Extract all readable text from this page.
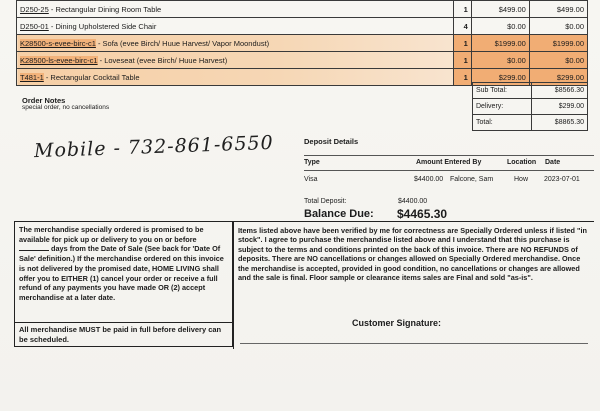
D250-25 - Rectangular Dining Room Table	1	$499.00	$499.00
D250-01 - Dining Upholstered Side Chair	4	$0.00	$0.00
K28500-s-evee-birc-c1 - Sofa (evee Birch/ Huue Harvest/ Vapor Moondust)	1	$1999.00	$1999.00
K28500-ls-evee-birc-c1 - Loveseat (evee Birch/ Huue Harvest)	1	$0.00	$0.00
T481-1 - Rectangular Cocktail Table	1	$299.00	$299.00
Order Notes
special order, no cancellations
Sub Total:	$8566.30
Delivery:	$299.00
Total:	$8865.30
Mobile - 732-861-6550	Deposit Details
Type	Amount Entered By	Location Date
Visa	$4400.00 Falcone, Sam	How 2023-07-01
Total Deposit:	$4400.00
Balance Due: $4465.30
The merchandise specially ordered is promised to be available for pick up or delivery to you on or before  days from the Date of Sale (See back for 'Date Of Sale' definition.) If the merchandise ordered on this invoice is not delivered by the promised date, HOME LIVING shall offer you to EITHER (1) cancel your order or receive a full refund of any payments you have made OR (2) accept merchandise at a later date.
All merchandise MUST be paid in full before delivery can be scheduled.
Items listed above have been verified by me for correctness are Specially Ordered unless if listed "in stock". I agree to purchase the merchandise listed above and I understand that this purchase is subject to the terms and conditions printed on the back of this invoice. There are NO REFUNDS of deposits. There are NO cancellations or changes allowed on Specially Ordered merchandise. Once the merchandise is accepted, provided in good condition, no cancellations or changes are allowed and the sale is final. Floor sample or clearance items sales are Final and sold "as-is".
Customer Signature:
